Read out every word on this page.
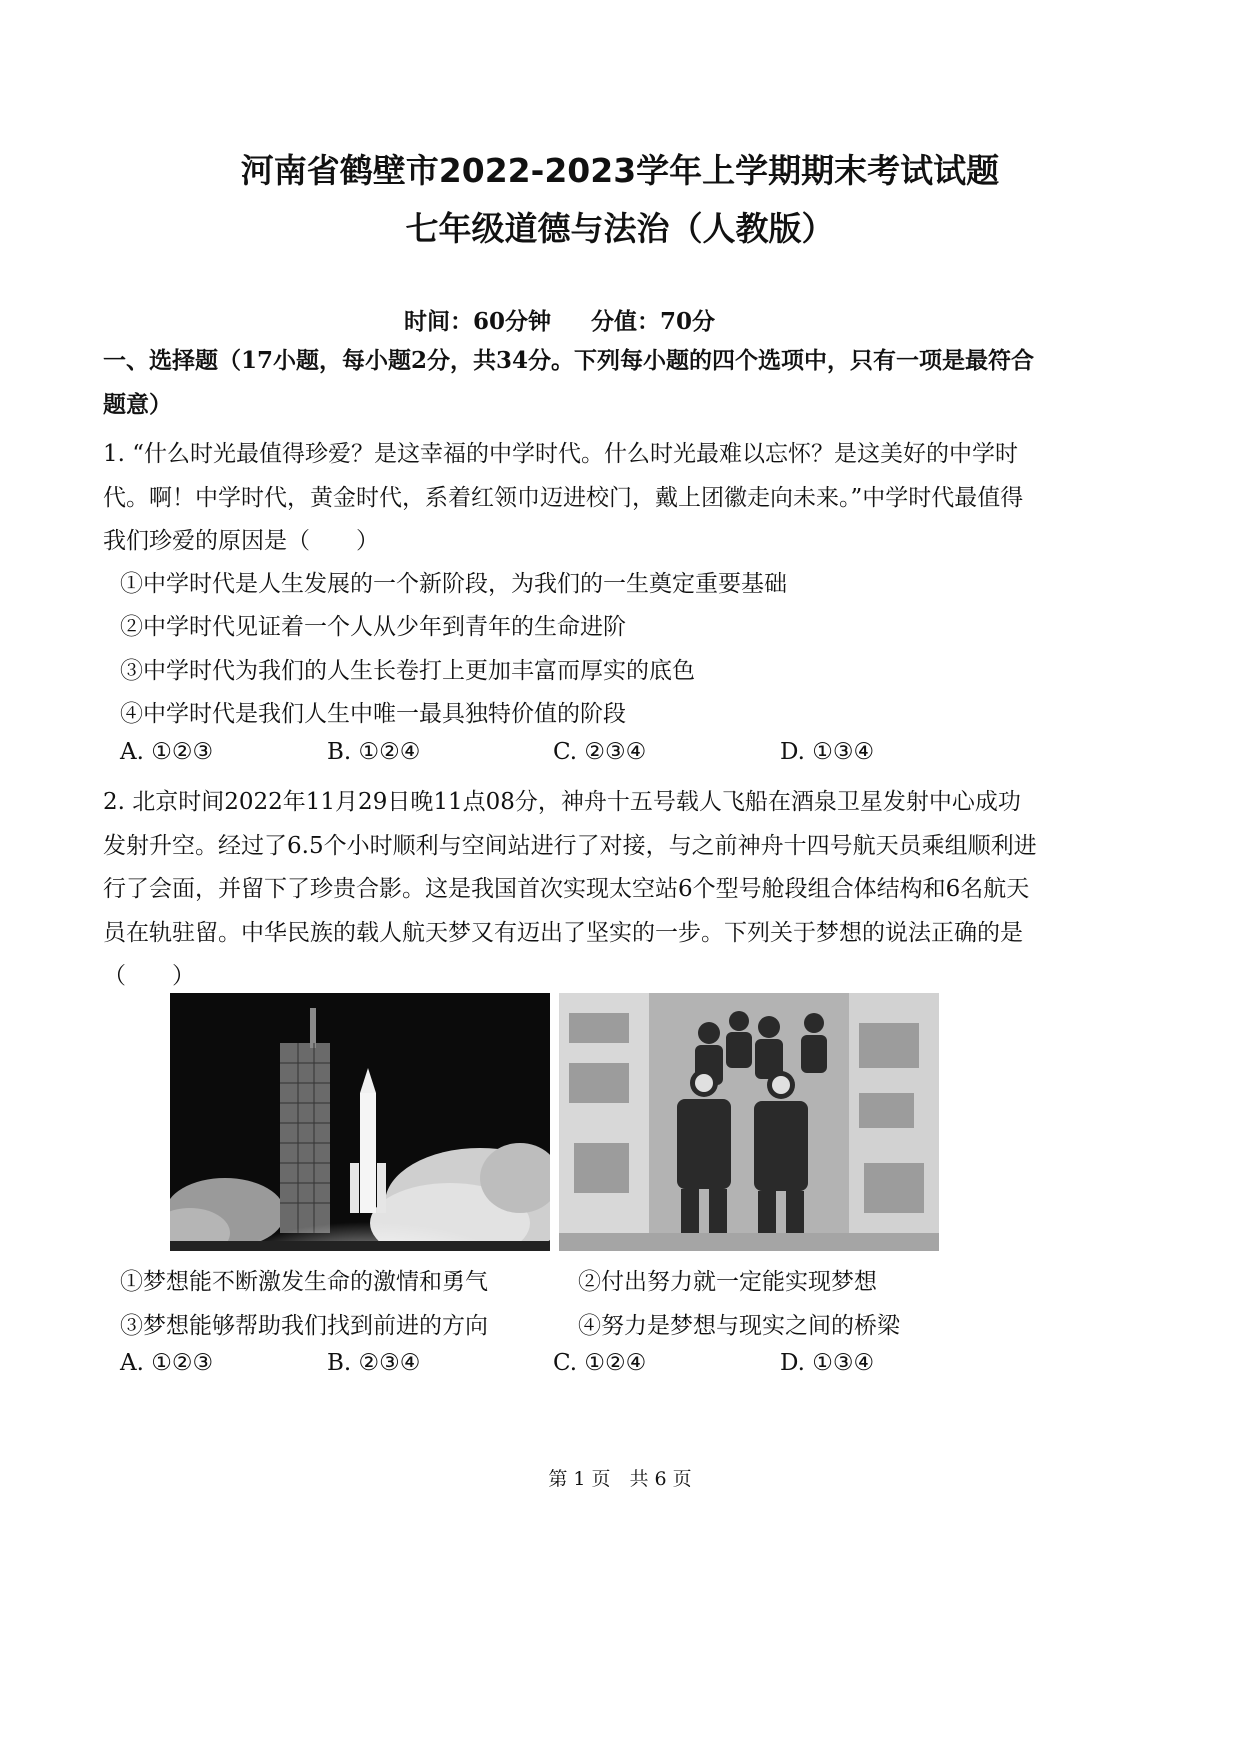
河南省鹤壁市2022-2023学年上学期期末考试试题
七年级道德与法治（人教版）
时间：60分钟 分值：70分
一、选择题（17小题，每小题2分，共34分。下列每小题的四个选项中，只有一项是最符合
题意）
1. “什么时光最值得珍爱？是这幸福的中学时代。什么时光最难以忘怀？是这美好的中学时
代。啊！中学时代，黄金时代，系着红领巾迈进校门，戴上团徽走向未来。”中学时代最值得
我们珍爱的原因是（　　）
①中学时代是人生发展的一个新阶段，为我们的一生奠定重要基础
②中学时代见证着一个人从少年到青年的生命进阶
③中学时代为我们的人生长卷打上更加丰富而厚实的底色
④中学时代是我们人生中唯一最具独特价值的阶段
A. ①②③	B. ①②④	C. ②③④	D. ①③④
2. 北京时间2022年11月29日晚11点08分，神舟十五号载人飞船在酒泉卫星发射中心成功
发射升空。经过了6.5个小时顺利与空间站进行了对接，与之前神舟十四号航天员乘组顺利进
行了会面，并留下了珍贵合影。这是我国首次实现太空站6个型号舱段组合体结构和6名航天
员在轨驻留。中华民族的载人航天梦又有迈出了坚实的一步。下列关于梦想的说法正确的是
（　　）
①梦想能不断激发生命的激情和勇气	②付出努力就一定能实现梦想
③梦想能够帮助我们找到前进的方向	④努力是梦想与现实之间的桥梁
A. ①②③	B. ②③④	C. ①②④	D. ①③④
第 1 页　共 6 页
